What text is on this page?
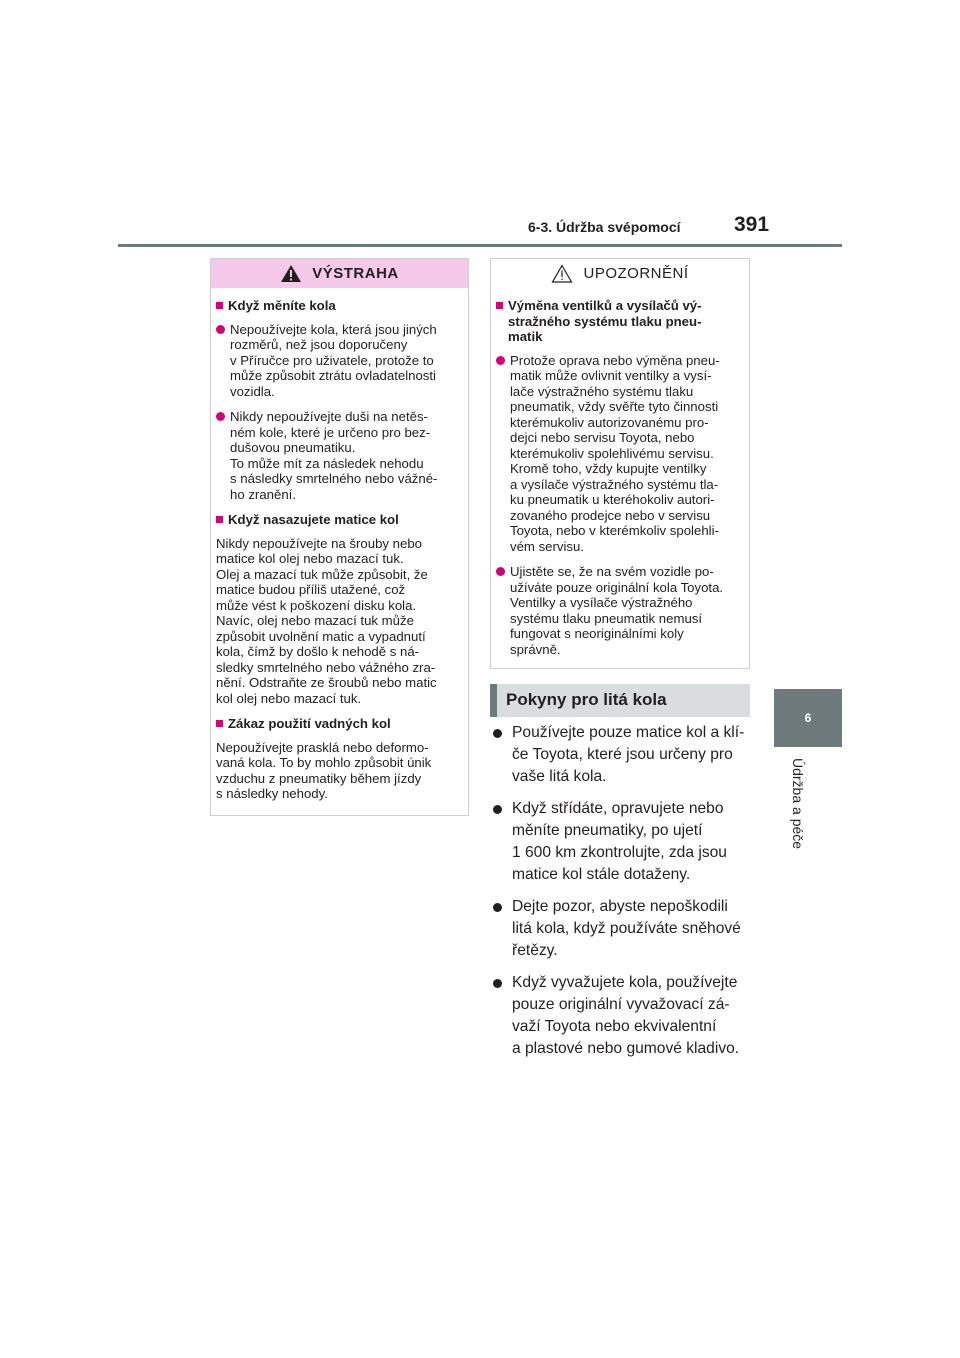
6-3. Údržba svépomocí	391
6
Údržba a péče
VÝSTRAHA
Když měníte kola
Nepoužívejte kola, která jsou jiných
rozměrů, než jsou doporučeny
v Příručce pro uživatele, protože to
může způsobit ztrátu ovladatelnosti
vozidla.
Nikdy nepoužívejte duši na netěs-
ném kole, které je určeno pro bez-
dušovou pneumatiku.
To může mít za následek nehodu
s následky smrtelného nebo vážné-
ho zranění.
Když nasazujete matice kol
Nikdy nepoužívejte na šrouby nebo
matice kol olej nebo mazací tuk.
Olej a mazací tuk může způsobit, že
matice budou příliš utažené, což
může vést k poškození disku kola.
Navíc, olej nebo mazací tuk může
způsobit uvolnění matic a vypadnutí
kola, čímž by došlo k nehodě s ná-
sledky smrtelného nebo vážného zra-
nění. Odstraňte ze šroubů nebo matic
kol olej nebo mazací tuk.
Zákaz použití vadných kol
Nepoužívejte prasklá nebo deformo-
vaná kola. To by mohlo způsobit únik
vzduchu z pneumatiky během jízdy
s následky nehody.
UPOZORNĚNÍ
Výměna ventilků a vysílačů vý-
stražného systému tlaku pneu-
matik
Protože oprava nebo výměna pneu-
matik může ovlivnit ventilky a vysí-
lače výstražného systému tlaku
pneumatik, vždy svěřte tyto činnosti
kterémukoliv autorizovanému pro-
dejci nebo servisu Toyota, nebo
kterémukoliv spolehlivému servisu.
Kromě toho, vždy kupujte ventilky
a vysílače výstražného systému tla-
ku pneumatik u kteréhokoliv autori-
zovaného prodejce nebo v servisu
Toyota, nebo v kterémkoliv spolehli-
vém servisu.
Ujistěte se, že na svém vozidle po-
užíváte pouze originální kola Toyota.
Ventilky a vysílače výstražného
systému tlaku pneumatik nemusí
fungovat s neoriginálními koly
správně.
Pokyny pro litá kola
Používejte pouze matice kol a klí-
če Toyota, které jsou určeny pro
vaše litá kola.
Když střídáte, opravujete nebo
měníte pneumatiky, po ujetí
1 600 km zkontrolujte, zda jsou
matice kol stále dotaženy.
Dejte pozor, abyste nepoškodili
litá kola, když používáte sněhové
řetězy.
Když vyvažujete kola, používejte
pouze originální vyvažovací zá-
važí Toyota nebo ekvivalentní
a plastové nebo gumové kladivo.
